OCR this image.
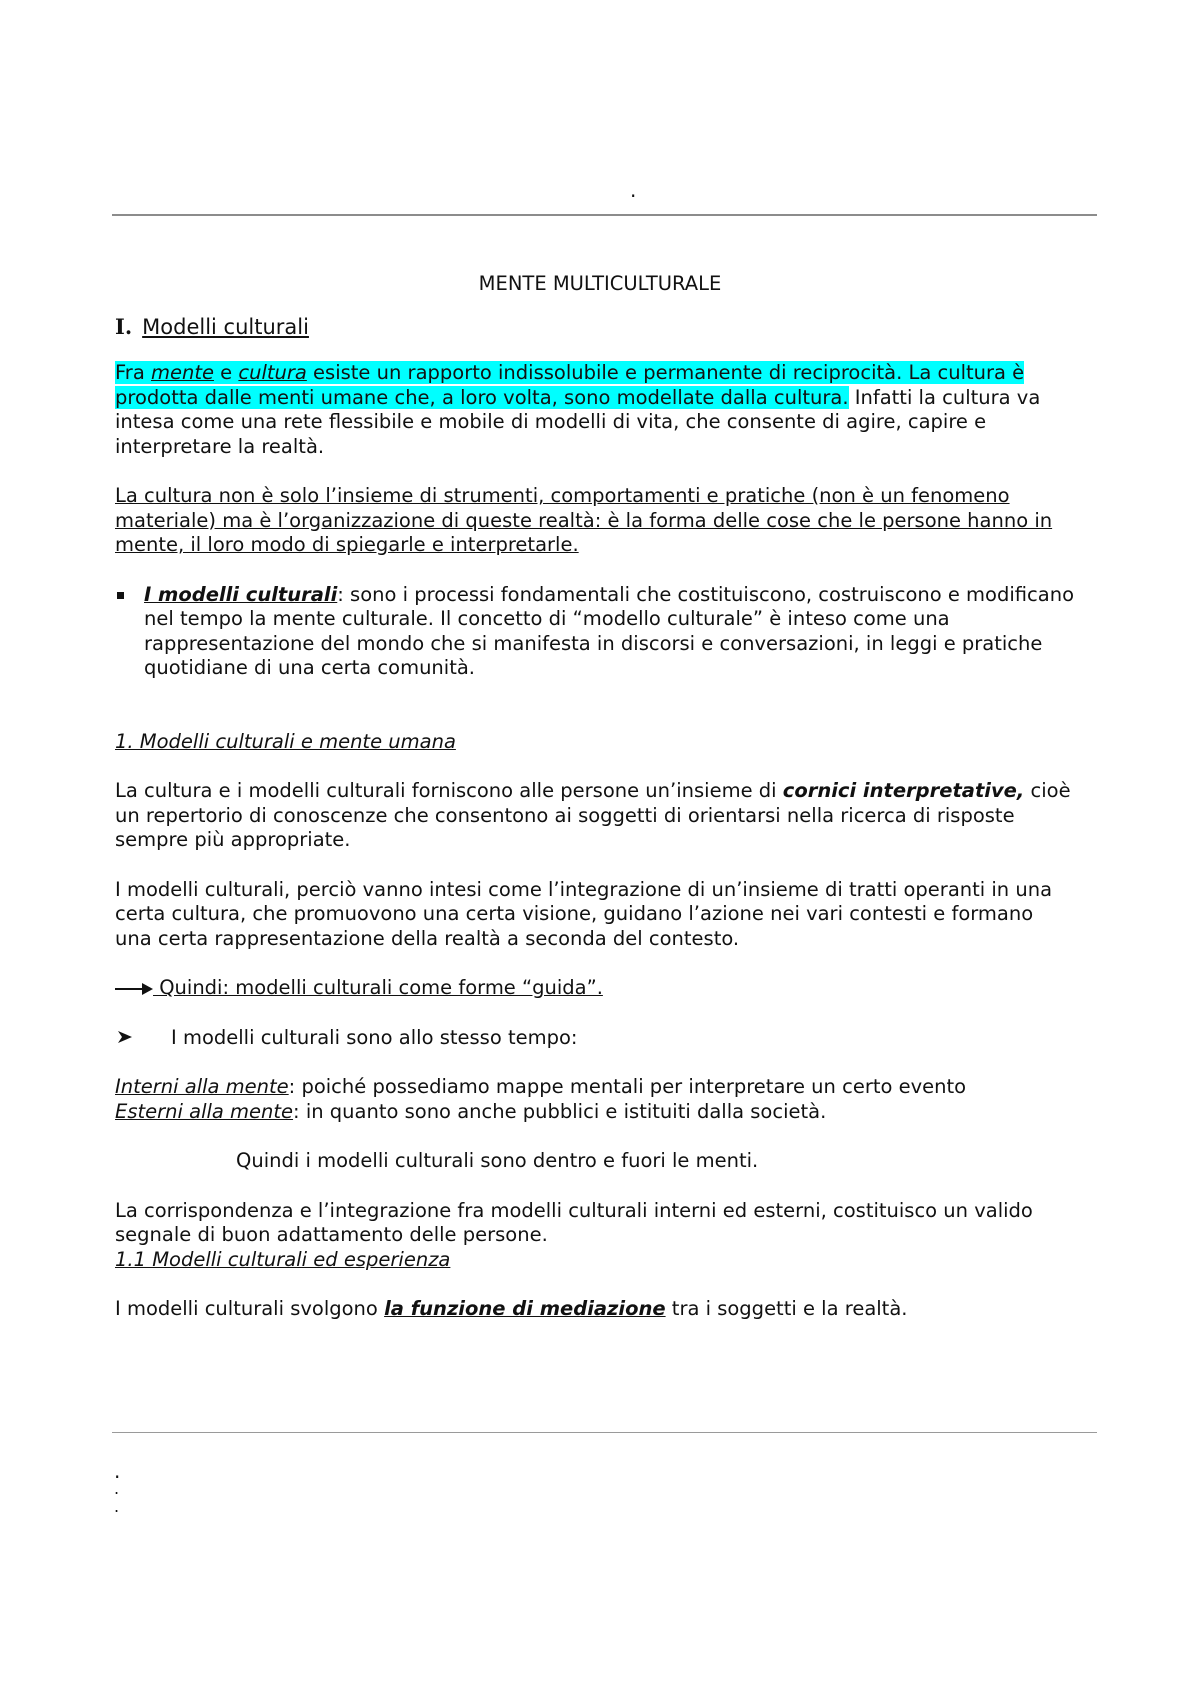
.

MENTE MULTICULTURALE

I. Modelli culturali

Fra mente e cultura esiste un rapporto indissolubile e permanente di reciprocità. La cultura è prodotta dalle menti umane che, a loro volta, sono modellate dalla cultura. Infatti la cultura va intesa come una rete flessibile e mobile di modelli di vita, che consente di agire, capire e interpretare la realtà.

La cultura non è solo l’insieme di strumenti, comportamenti e pratiche (non è un fenomeno materiale) ma è l’organizzazione di queste realtà: è la forma delle cose che le persone hanno in mente, il loro modo di spiegarle e interpretarle.

I modelli culturali: sono i processi fondamentali che costituiscono, costruiscono e modificano nel tempo la mente culturale. Il concetto di “modello culturale” è inteso come una rappresentazione del mondo che si manifesta in discorsi e conversazioni, in leggi e pratiche quotidiane di una certa comunità.

1. Modelli culturali e mente umana

La cultura e i modelli culturali forniscono alle persone un’insieme di cornici interpretative, cioè un repertorio di conoscenze che consentono ai soggetti di orientarsi nella ricerca di risposte sempre più appropriate.

I modelli culturali, perciò vanno intesi come l’integrazione di un’insieme di tratti operanti in una certa cultura, che promuovono una certa visione, guidano l’azione nei vari contesti e formano una certa rappresentazione della realtà a seconda del contesto.

Quindi: modelli culturali come forme “guida”.
I modelli culturali sono allo stesso tempo:

Interni alla mente: poiché possediamo mappe mentali per interpretare un certo evento

Esterni alla mente: in quanto sono anche pubblici e istituiti dalla società.

Quindi i modelli culturali sono dentro e fuori le menti.

La corrispondenza e l’integrazione fra modelli culturali interni ed esterni, costituisco un valido segnale di buon adattamento delle persone.

1.1 Modelli culturali ed esperienza

I modelli culturali svolgono la funzione di mediazione tra i soggetti e la realtà.

.
.
.
